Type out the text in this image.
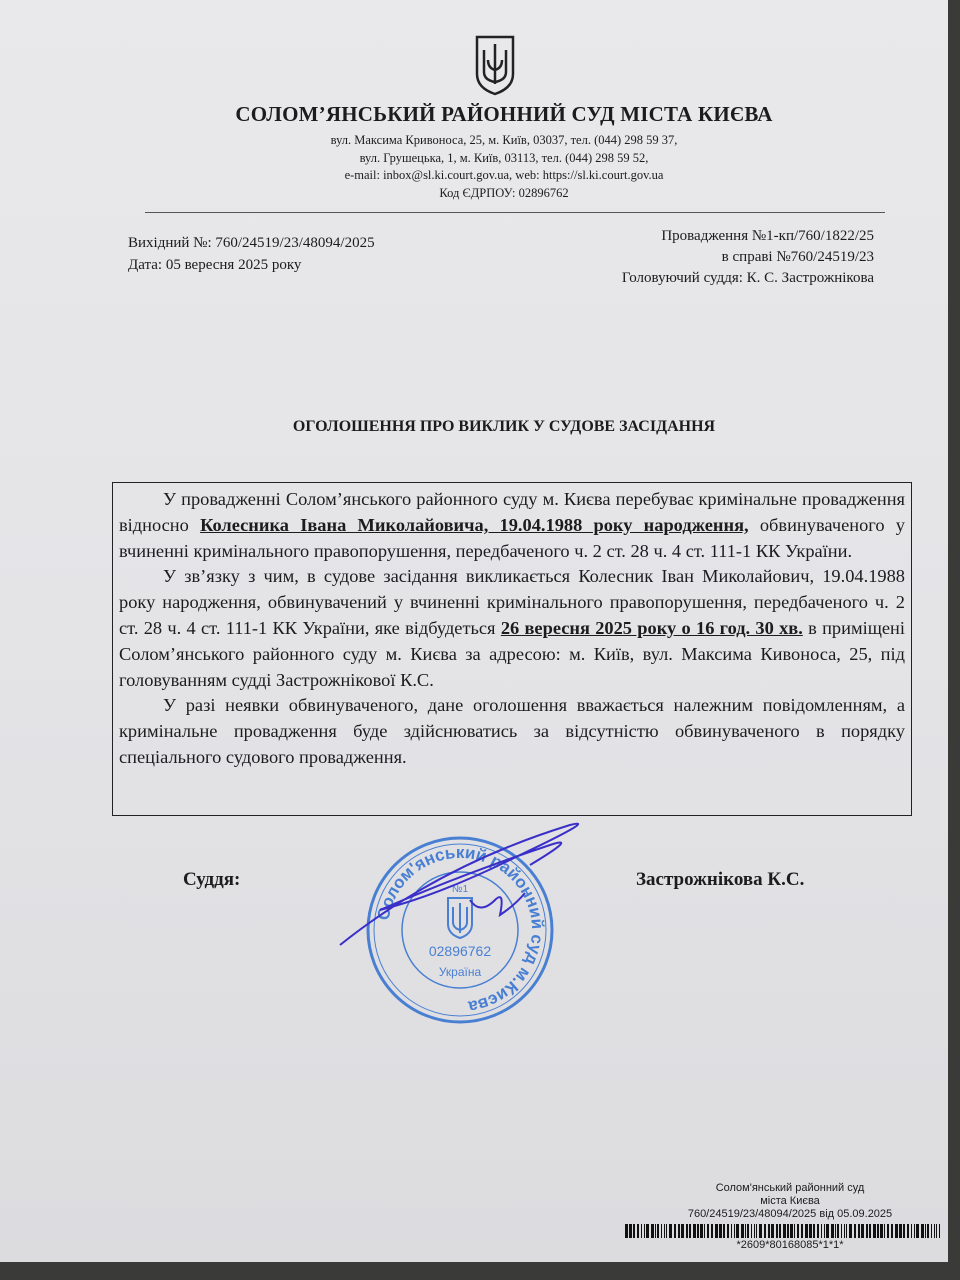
СОЛОМ’ЯНСЬКИЙ РАЙОННИЙ СУД МІСТА КИЄВА
вул. Максима Кривоноса, 25, м. Київ, 03037, тел. (044) 298 59 37,
вул. Грушецька, 1, м. Київ, 03113, тел. (044) 298 59 52,
e-mail: inbox@sl.ki.court.gov.ua, web: https://sl.ki.court.gov.ua
Код ЄДРПОУ: 02896762
Вихідний №: 760/24519/23/48094/2025
Дата: 05 вересня 2025 року
Провадження №1-кп/760/1822/25
в справі №760/24519/23
Головуючий суддя: К. С. Застрожнікова
ОГОЛОШЕННЯ ПРО ВИКЛИК У СУДОВЕ ЗАСІДАННЯ

У провадженні Солом’янського районного суду м. Києва перебуває кримінальне провадження відносно Колесника Івана Миколайовича, 19.04.1988 року народження, обвинуваченого у вчиненні кримінального правопорушення, передбаченого ч. 2 ст. 28 ч. 4 ст. 111-1 КК України.

У зв’язку з чим, в судове засідання викликається Колесник Іван Миколайович, 19.04.1988 року народження, обвинувачений у вчиненні кримінального правопорушення, передбаченого ч. 2 ст. 28 ч. 4 ст. 111-1 КК України, яке відбудеться 26 вересня 2025 року о 16 год. 30 хв. в приміщені Солом’янського районного суду м. Києва за адресою: м. Київ, вул. Максима Кивоноса, 25, під головуванням судді Застрожнікової К.С.

У разі неявки обвинуваченого, дане оголошення вважається належним повідомленням, а кримінальне провадження буде здійснюватись за відсутністю обвинуваченого в порядку спеціального судового провадження.

Суддя:	Застрожнікова К.С.
Солом'янський районний суд м.Києва
№1
02896762
Україна
Солом'янський районний суд
міста Києва
760/24519/23/48094/2025 від 05.09.2025
*2609*80168085*1*1*
